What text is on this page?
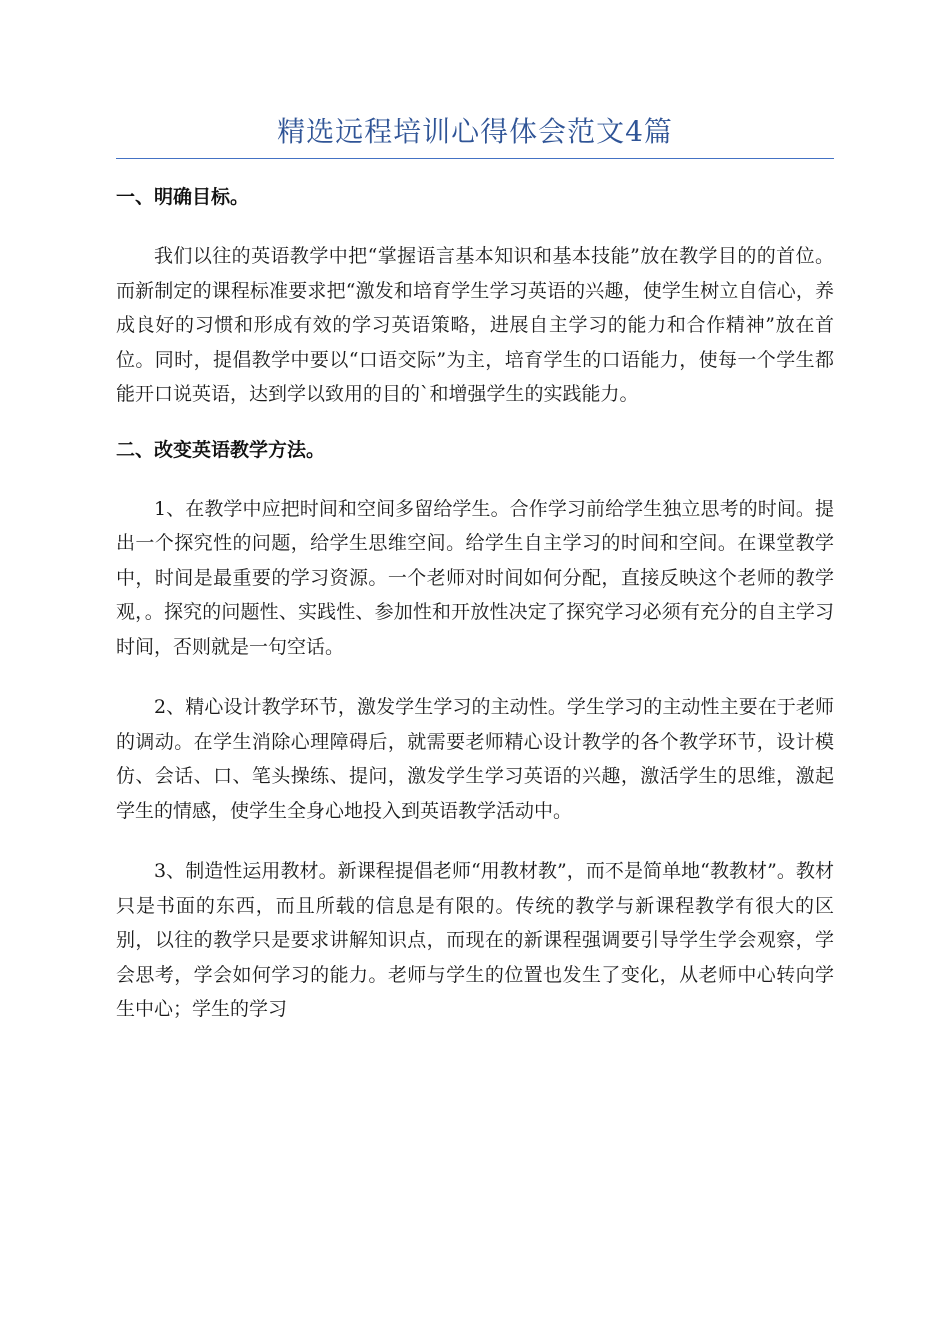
精选远程培训心得体会范文4篇
一、明确目标。

我们以往的英语教学中把“掌握语言基本知识和基本技能”放在教学目的的首位。而新制定的课程标准要求把“激发和培育学生学习英语的兴趣，使学生树立自信心，养成良好的习惯和形成有效的学习英语策略，进展自主学习的能力和合作精神”放在首位。同时，提倡教学中要以“口语交际”为主，培育学生的口语能力，使每一个学生都能开口说英语，达到学以致用的目的`和增强学生的实践能力。

二、改变英语教学方法。

1、在教学中应把时间和空间多留给学生。合作学习前给学生独立思考的时间。提出一个探究性的问题，给学生思维空间。给学生自主学习的时间和空间。在课堂教学中，时间是最重要的学习资源。一个老师对时间如何分配，直接反映这个老师的教学观，。探究的问题性、实践性、参加性和开放性决定了探究学习必须有充分的自主学习时间，否则就是一句空话。

2、精心设计教学环节，激发学生学习的主动性。学生学习的主动性主要在于老师的调动。在学生消除心理障碍后，就需要老师精心设计教学的各个教学环节，设计模仿、会话、口、笔头操练、提问，激发学生学习英语的兴趣，激活学生的思维，激起学生的情感，使学生全身心地投入到英语教学活动中。

3、制造性运用教材。新课程提倡老师“用教材教”，而不是简单地“教教材”。教材只是书面的东西，而且所载的信息是有限的。传统的教学与新课程教学有很大的区别，以往的教学只是要求讲解知识点，而现在的新课程强调要引导学生学会观察，学会思考，学会如何学习的能力。老师与学生的位置也发生了变化，从老师中心转向学生中心；学生的学习
